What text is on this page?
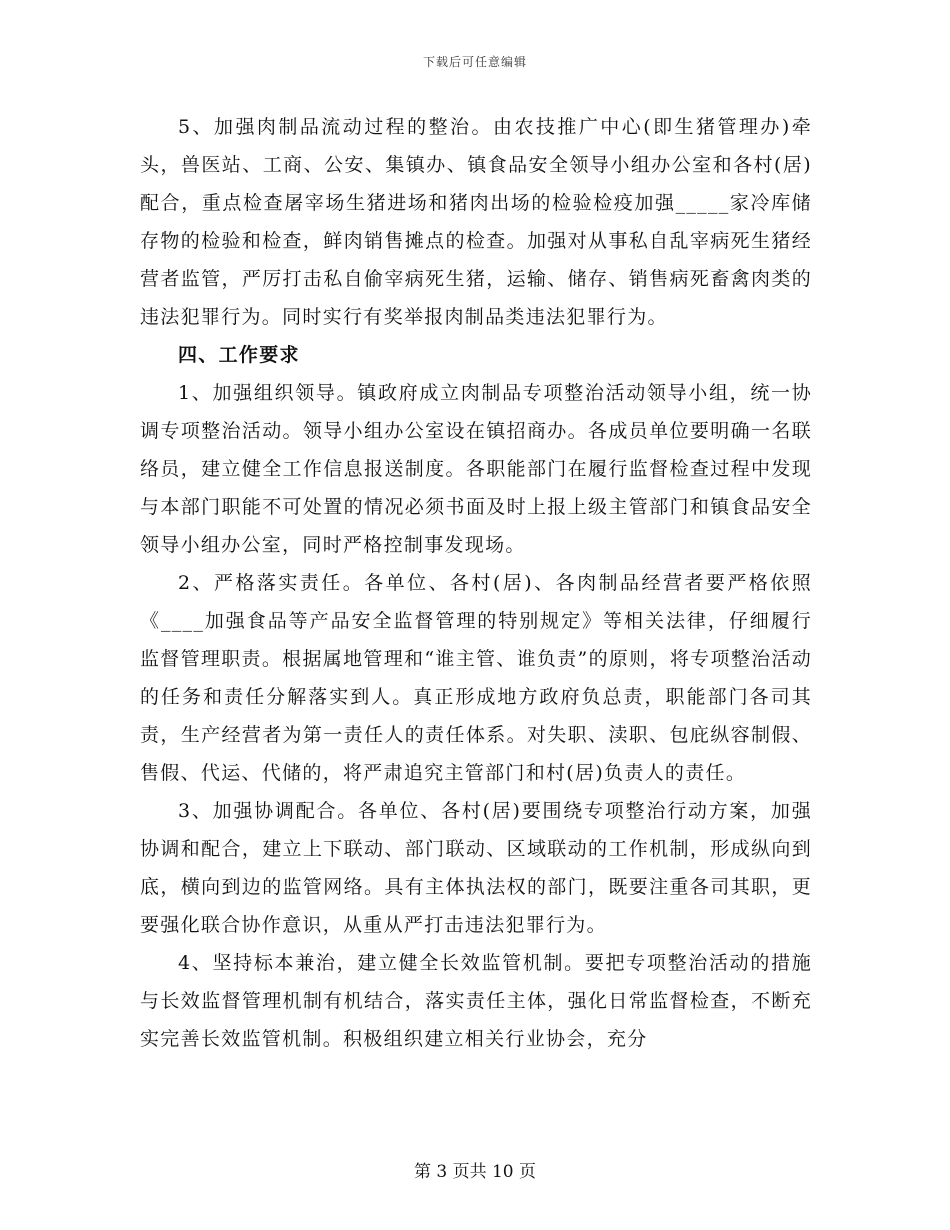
下载后可任意编辑

5、加强肉制品流动过程的整治。由农技推广中心(即生猪管理办)牵头，兽医站、工商、公安、集镇办、镇食品安全领导小组办公室和各村(居)配合，重点检查屠宰场生猪进场和猪肉出场的检验检疫加强_____家冷库储存物的检验和检查，鲜肉销售摊点的检查。加强对从事私自乱宰病死生猪经营者监管，严厉打击私自偷宰病死生猪，运输、储存、销售病死畜禽肉类的违法犯罪行为。同时实行有奖举报肉制品类违法犯罪行为。

四、工作要求

1、加强组织领导。镇政府成立肉制品专项整治活动领导小组，统一协调专项整治活动。领导小组办公室设在镇招商办。各成员单位要明确一名联络员，建立健全工作信息报送制度。各职能部门在履行监督检查过程中发现与本部门职能不可处置的情况必须书面及时上报上级主管部门和镇食品安全领导小组办公室，同时严格控制事发现场。

2、严格落实责任。各单位、各村(居)、各肉制品经营者要严格依照《____加强食品等产品安全监督管理的特别规定》等相关法律，仔细履行监督管理职责。根据属地管理和“谁主管、谁负责”的原则，将专项整治活动的任务和责任分解落实到人。真正形成地方政府负总责，职能部门各司其责，生产经营者为第一责任人的责任体系。对失职、渎职、包庇纵容制假、售假、代运、代储的，将严肃追究主管部门和村(居)负责人的责任。

3、加强协调配合。各单位、各村(居)要围绕专项整治行动方案，加强协调和配合，建立上下联动、部门联动、区域联动的工作机制，形成纵向到底，横向到边的监管网络。具有主体执法权的部门，既要注重各司其职，更要强化联合协作意识，从重从严打击违法犯罪行为。

4、坚持标本兼治，建立健全长效监管机制。要把专项整治活动的措施与长效监督管理机制有机结合，落实责任主体，强化日常监督检查，不断充实完善长效监管机制。积极组织建立相关行业协会，充分

第 3 页共 10 页
